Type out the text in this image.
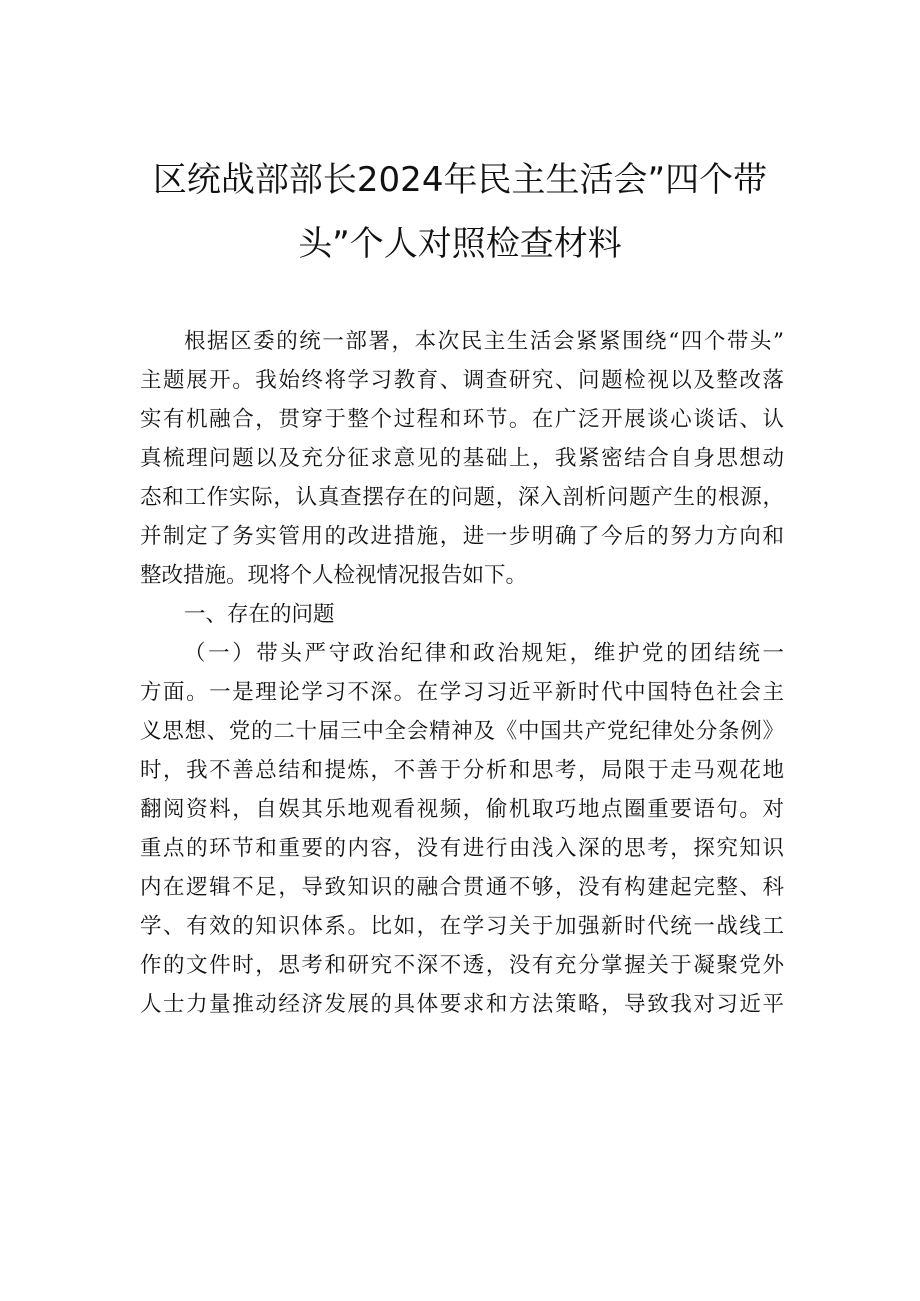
区统战部部长2024年民主生活会”四个带
头”个人对照检查材料
根据区委的统一部署，本次民主生活会紧紧围绕“四个带头”
主题展开。我始终将学习教育、调查研究、问题检视以及整改落
实有机融合，贯穿于整个过程和环节。在广泛开展谈心谈话、认
真梳理问题以及充分征求意见的基础上，我紧密结合自身思想动
态和工作实际，认真查摆存在的问题，深入剖析问题产生的根源，
并制定了务实管用的改进措施，进一步明确了今后的努力方向和
整改措施。现将个人检视情况报告如下。
一、存在的问题
（一）带头严守政治纪律和政治规矩，维护党的团结统一
方面。一是理论学习不深。在学习习近平新时代中国特色社会主
义思想、党的二十届三中全会精神及《中国共产党纪律处分条例》
时，我不善总结和提炼，不善于分析和思考，局限于走马观花地
翻阅资料，自娱其乐地观看视频，偷机取巧地点圈重要语句。对
重点的环节和重要的内容，没有进行由浅入深的思考，探究知识
内在逻辑不足，导致知识的融合贯通不够，没有构建起完整、科
学、有效的知识体系。比如，在学习关于加强新时代统一战线工
作的文件时，思考和研究不深不透，没有充分掌握关于凝聚党外
人士力量推动经济发展的具体要求和方法策略，导致我对习近平
